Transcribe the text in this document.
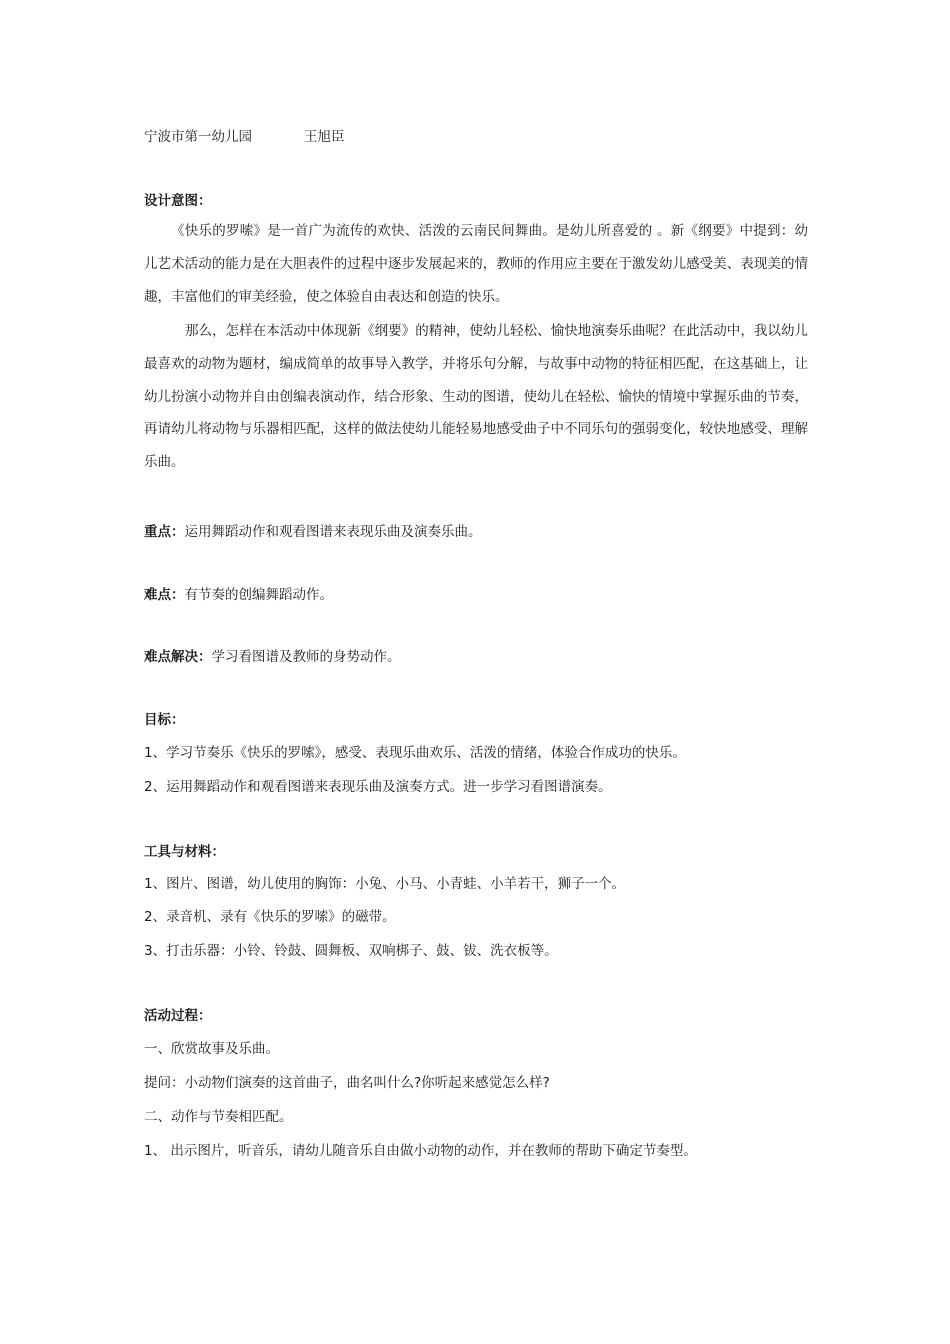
宁波市第一幼儿园	王旭臣
设计意图：
《快乐的罗嗦》是一首广为流传的欢快、活泼的云南民间舞曲。是幼儿所喜爱的 。新《纲要》中提到：幼儿艺术活动的能力是在大胆表件的过程中逐步发展起来的，教师的作用应主要在于激发幼儿感受美、表现美的情趣，丰富他们的审美经验，使之体验自由表达和创造的快乐。
那么，怎样在本活动中体现新《纲要》的精神，使幼儿轻松、愉快地演奏乐曲呢？在此活动中，我以幼儿最喜欢的动物为题材，编成简单的故事导入教学，并将乐句分解，与故事中动物的特征相匹配，在这基础上，让幼儿扮演小动物并自由创编表演动作，结合形象、生动的图谱，使幼儿在轻松、愉快的情境中掌握乐曲的节奏，再请幼儿将动物与乐器相匹配，这样的做法使幼儿能轻易地感受曲子中不同乐句的强弱变化，较快地感受、理解乐曲。
重点：运用舞蹈动作和观看图谱来表现乐曲及演奏乐曲。
难点：有节奏的创编舞蹈动作。
难点解决：学习看图谱及教师的身势动作。
目标：
1、学习节奏乐《快乐的罗嗦》，感受、表现乐曲欢乐、活泼的情绪，体验合作成功的快乐。
2、运用舞蹈动作和观看图谱来表现乐曲及演奏方式。进一步学习看图谱演奏。
工具与材料：
1、图片、图谱，幼儿使用的胸饰：小兔、小马、小青蛙、小羊若干，狮子一个。
2、录音机、录有《快乐的罗嗦》的磁带。
3、打击乐器：小铃、铃鼓、圆舞板、双响梆子、鼓、钹、洗衣板等。
活动过程：
一、欣赏故事及乐曲。
提问：小动物们演奏的这首曲子，曲名叫什么?你听起来感觉怎么样?
二、动作与节奏相匹配。
1、 出示图片，听音乐，请幼儿随音乐自由做小动物的动作，并在教师的帮助下确定节奏型。
